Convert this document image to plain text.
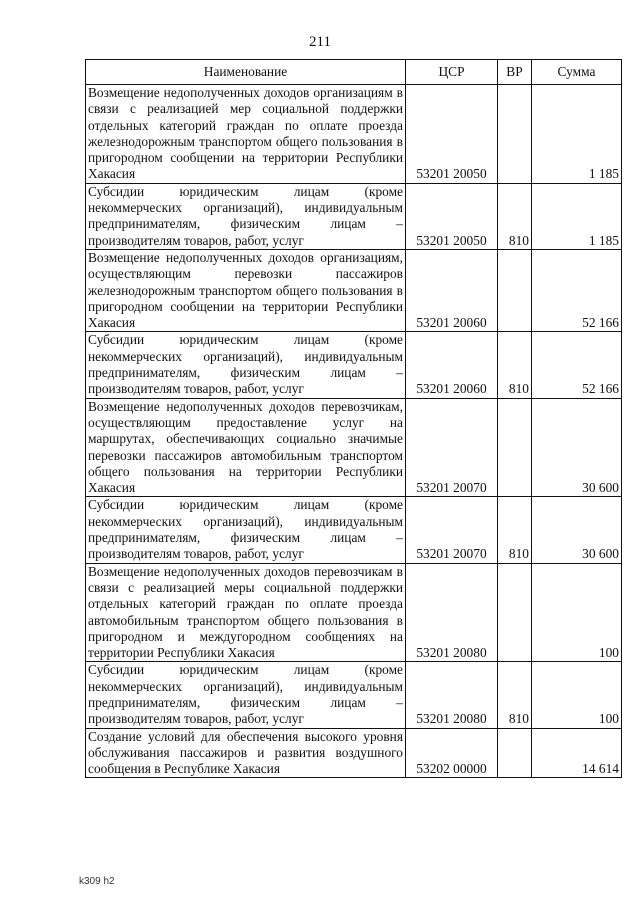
211
Наименование	ЦСР	ВР	Сумма
Возмещение недополученных доходов организациям в связи с реализацией мер социальной поддержки отдельных категорий граждан по оплате проезда железнодорожным транспортом общего пользования в пригородном сообщении на территории Республики Хакасия	53201 20050		1 185
Субсидии юридическим лицам (кроме некоммерческих организаций), индивидуальным предпринимателям, физическим лицам – производителям товаров, работ, услуг	53201 20050	810	1 185
Возмещение недополученных доходов организациям, осуществляющим перевозки пассажиров железнодорожным транспортом общего пользования в пригородном сообщении на территории Республики Хакасия	53201 20060		52 166
Субсидии юридическим лицам (кроме некоммерческих организаций), индивидуальным предпринимателям, физическим лицам – производителям товаров, работ, услуг	53201 20060	810	52 166
Возмещение недополученных доходов перевозчикам, осуществляющим предоставление услуг на маршрутах, обеспечивающих социально значимые перевозки пассажиров автомобильным транспортом общего пользования на территории Республики Хакасия	53201 20070		30 600
Субсидии юридическим лицам (кроме некоммерческих организаций), индивидуальным предпринимателям, физическим лицам – производителям товаров, работ, услуг	53201 20070	810	30 600
Возмещение недополученных доходов перевозчикам в связи с реализацией меры социальной поддержки отдельных категорий граждан по оплате проезда автомобильным транспортом общего пользования в пригородном и междугородном сообщениях на территории Республики Хакасия	53201 20080		100
Субсидии юридическим лицам (кроме некоммерческих организаций), индивидуальным предпринимателям, физическим лицам – производителям товаров, работ, услуг	53201 20080	810	100
Создание условий для обеспечения высокого уровня обслуживания пассажиров и развития воздушного сообщения в Республике Хакасия	53202 00000		14 614
k309 h2
